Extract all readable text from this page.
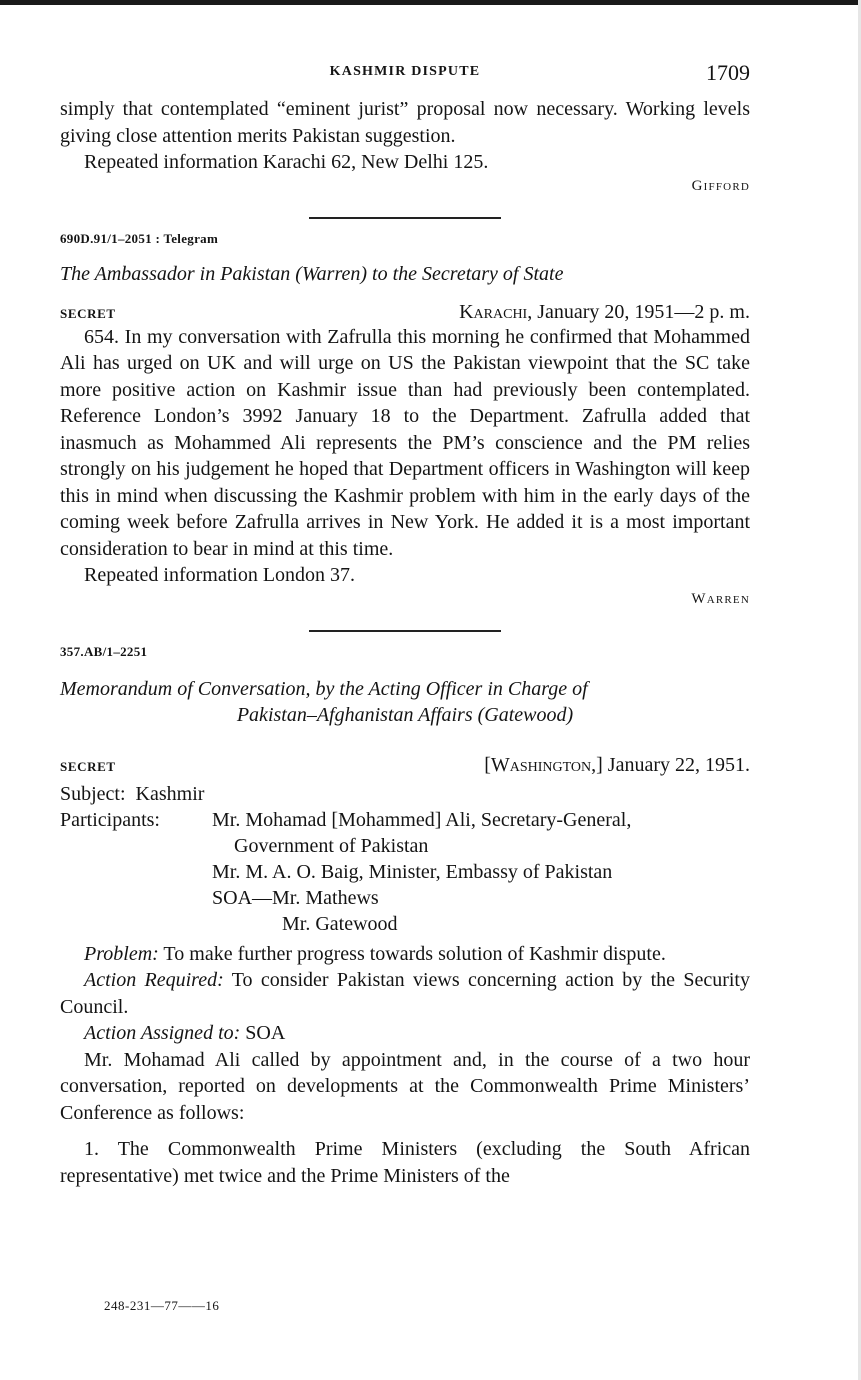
KASHMIR DISPUTE	1709

simply that contemplated “eminent jurist” proposal now necessary. Working levels giving close attention merits Pakistan suggestion.

Repeated information Karachi 62, New Delhi 125.

Gifford
690D.91/1–2051 : Telegram
The Ambassador in Pakistan (Warren) to the Secretary of State
SECRET	Karachi, January 20, 1951—2 p. m.

654. In my conversation with Zafrulla this morning he confirmed that Mohammed Ali has urged on UK and will urge on US the Pakistan viewpoint that the SC take more positive action on Kashmir issue than had previously been contemplated. Reference London’s 3992 January 18 to the Department. Zafrulla added that inasmuch as Mohammed Ali represents the PM’s conscience and the PM relies strongly on his judgement he hoped that Department officers in Washington will keep this in mind when discussing the Kashmir problem with him in the early days of the coming week before Zafrulla arrives in New York. He added it is a most important consideration to bear in mind at this time.

Repeated information London 37.

Warren
357.AB/1–2251
Memorandum of Conversation, by the Acting Officer in Charge of
Pakistan–Afghanistan Affairs (Gatewood)
SECRET	[Washington,] January 22, 1951.
Subject: Kashmir
Participants:	Mr. Mohamad [Mohammed] Ali, Secretary-General,
Government of Pakistan
Mr. M. A. O. Baig, Minister, Embassy of Pakistan
SOA—Mr. Mathews
Mr. Gatewood

Problem: To make further progress towards solution of Kashmir dispute.

Action Required: To consider Pakistan views concerning action by the Security Council.

Action Assigned to: SOA

Mr. Mohamad Ali called by appointment and, in the course of a two hour conversation, reported on developments at the Commonwealth Prime Ministers’ Conference as follows:

1. The Commonwealth Prime Ministers (excluding the South African representative) met twice and the Prime Ministers of the

248-231—77——16
